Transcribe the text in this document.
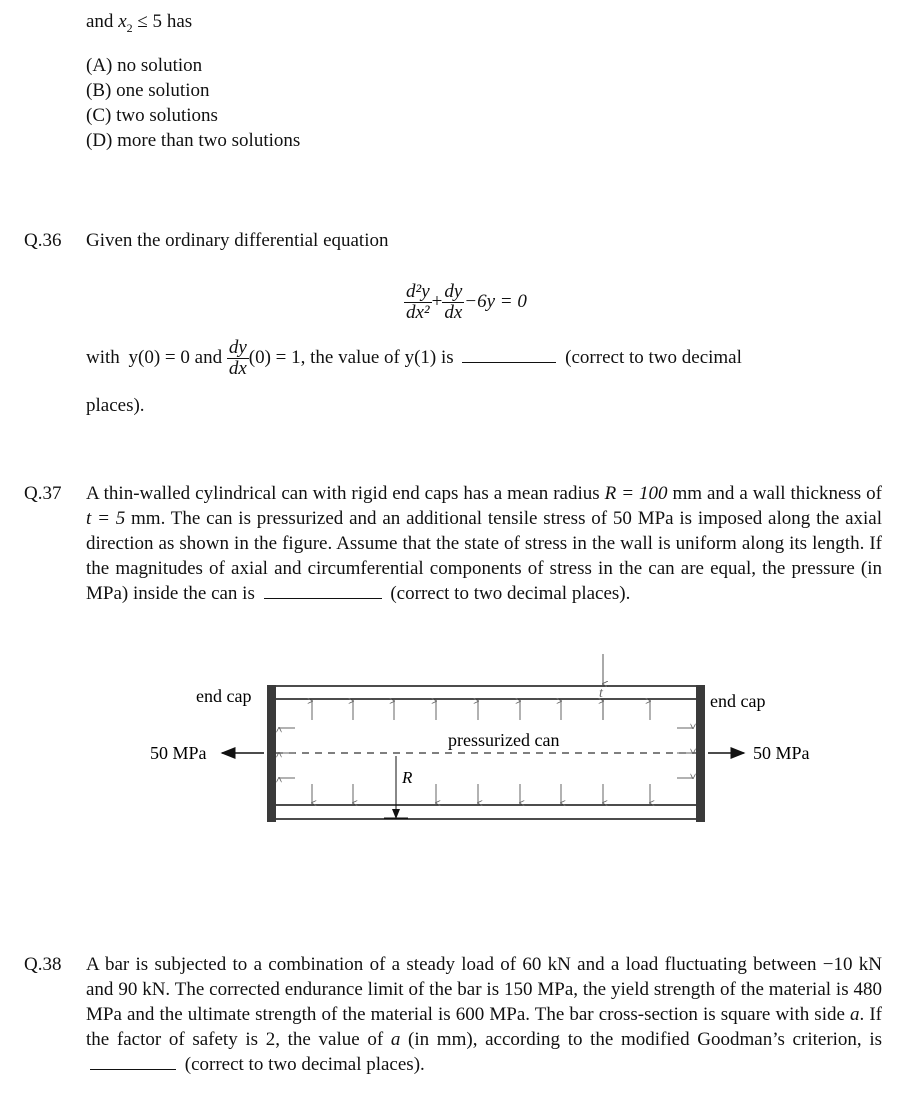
and $x_2 \le 5$ has
(A) no solution
(B) one solution
(C) two solutions
(D) more than two solutions
Q.36 Given the ordinary differential equation
$\frac{\text{d²y}}{\text{dx²}} + \frac{dy}{dx} -6y = 0$
with y(0) = 0 and $\frac{dy}{dx} (0) = 1$, the value of y(1) is	(correct to two decimal
places).
Q.37 A thin-walled cylindrical can with rigid end caps has a mean radius R = 100 mm and a wall thickness of t = 5 mm. The can is pressurized and an additional tensile stress of 50 MPa is imposed along the axial direction as shown in the figure. Assume that the state of stress in the wall is uniform along its length. If the magnitudes of axial and circumferential components of stress in the can are equal, the pressure (in MPa) inside the can is	(correct to two decimal places).
end cap	end cap
pressurized can
50 MPa	50 MPa
R
t
Q.38 A bar is subjected to a combination of a steady load of 60 kN and a load fluctuating between −10 kN and 90 kN. The corrected endurance limit of the bar is 150 MPa, the yield strength of the material is 480 MPa and the ultimate strength of the material is 600 MPa. The bar cross-section is square with side a. If the factor of safety is 2, the value of a (in mm), according to the modified Goodman’s criterion, is  (correct to two decimal places).
